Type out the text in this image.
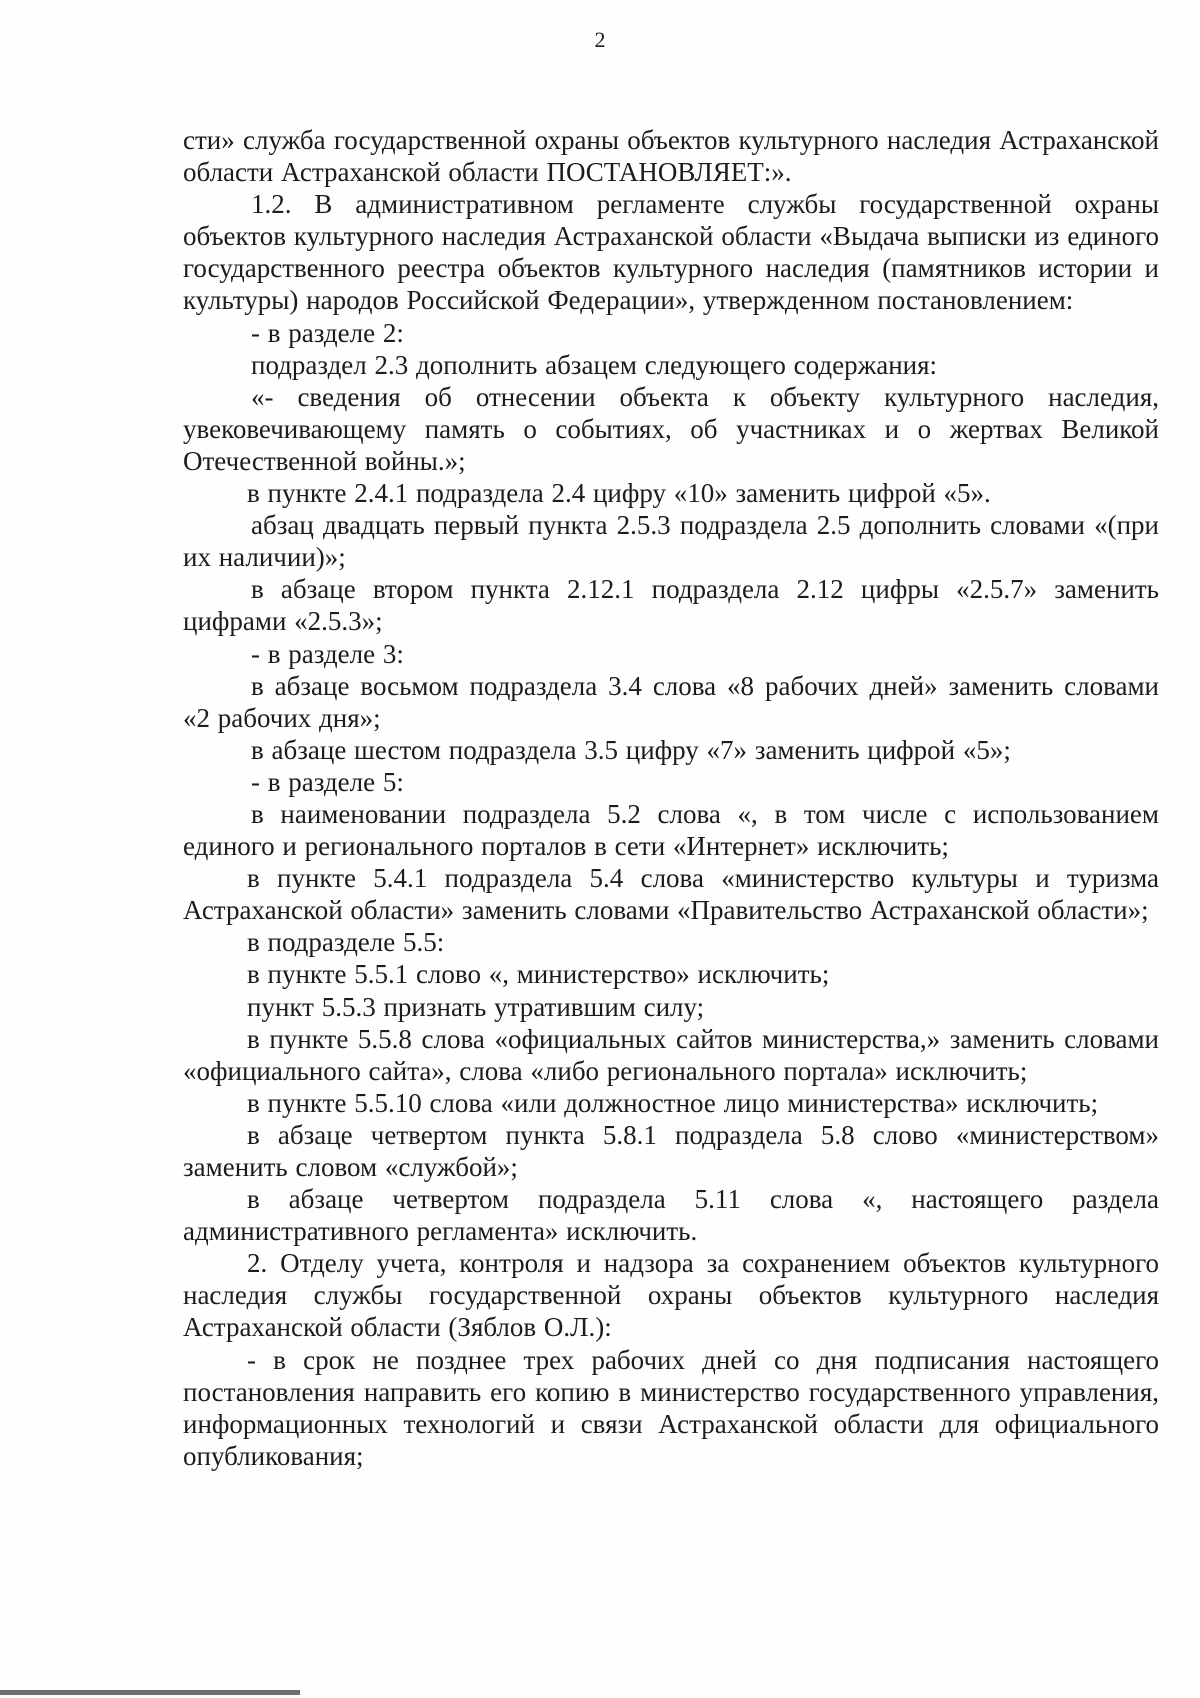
2

сти» служба государственной охраны объектов культурного наследия Астраханской области Астраханской области ПОСТАНОВЛЯЕТ:».

1.2. В административном регламенте службы государственной охраны объектов культурного наследия Астраханской области «Выдача выписки из единого государственного реестра объектов культурного наследия (памятников истории и культуры) народов Российской Федерации», утвержденном постановлением:

- в разделе 2:

подраздел 2.3 дополнить абзацем следующего содержания:

«- сведения об отнесении объекта к объекту культурного наследия, увековечивающему память о событиях, об участниках и о жертвах Великой Отечественной войны.»;

в пункте 2.4.1 подраздела 2.4 цифру «10» заменить цифрой «5».

абзац двадцать первый пункта 2.5.3 подраздела 2.5 дополнить словами «(при их наличии)»;

в абзаце втором пункта 2.12.1 подраздела 2.12 цифры «2.5.7» заменить цифрами «2.5.3»;

- в разделе 3:

в абзаце восьмом подраздела 3.4 слова «8 рабочих дней» заменить словами «2 рабочих дня»;

в абзаце шестом подраздела 3.5 цифру «7» заменить цифрой «5»;

- в разделе 5:

в наименовании подраздела 5.2 слова «, в том числе с использованием единого и регионального порталов в сети «Интернет» исключить;

в пункте 5.4.1 подраздела 5.4 слова «министерство культуры и туризма Астраханской области» заменить словами «Правительство Астраханской области»;

в подразделе 5.5:

в пункте 5.5.1 слово «, министерство» исключить;

пункт 5.5.3 признать утратившим силу;

в пункте 5.5.8 слова «официальных сайтов министерства,» заменить словами «официального сайта», слова «либо регионального портала» исключить;

в пункте 5.5.10 слова «или должностное лицо министерства» исключить;

в абзаце четвертом пункта 5.8.1 подраздела 5.8 слово «министерством» заменить словом «службой»;

в абзаце четвертом подраздела 5.11 слова «, настоящего раздела административного регламента» исключить.

2. Отделу учета, контроля и надзора за сохранением объектов культурного наследия службы государственной охраны объектов культурного наследия Астраханской области (Зяблов О.Л.):

- в срок не позднее трех рабочих дней со дня подписания настоящего постановления направить его копию в министерство государственного управления, информационных технологий и связи Астраханской области для официального опубликования;
